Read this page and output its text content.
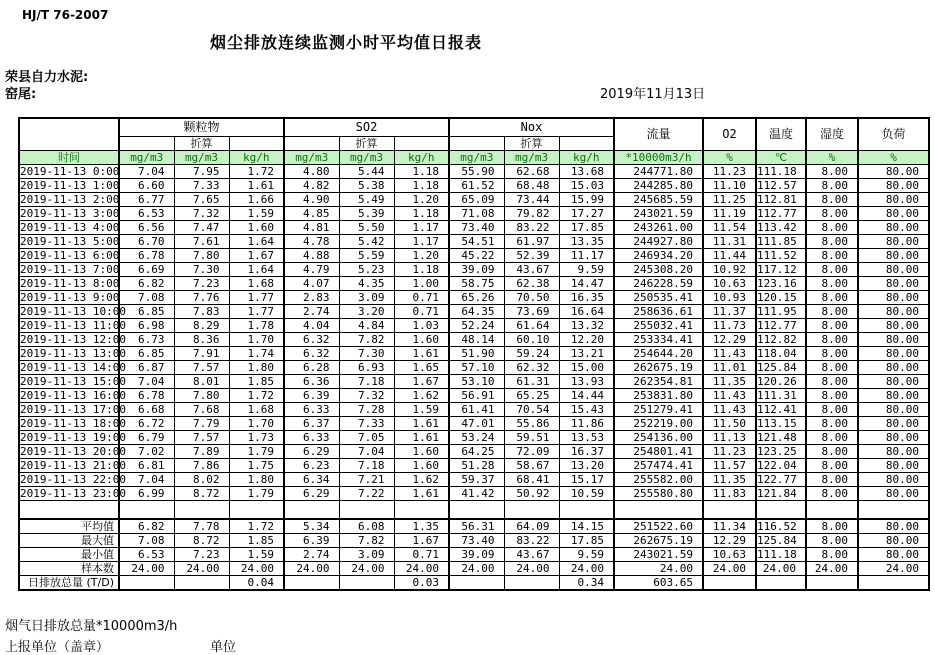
HJ/T 76-2007
烟尘排放连续监测小时平均值日报表
荣县自力水泥:
窑尾:	2019年11月13日
	颗粒物			SO2			Nox			流量	O2	温度	湿度	负荷
		折算			折算			折算						
时间	mg/m3	mg/m3	kg/h	mg/m3	mg/m3	kg/h	mg/m3	mg/m3	kg/h	*10000m3/h	%	℃	%	%
2019-11-13 0:00	7.04	7.95	1.72	4.80	5.44	1.18	55.90	62.68	13.68	244771.80	11.23	111.18	8.00	80.00
2019-11-13 1:00	6.60	7.33	1.61	4.82	5.38	1.18	61.52	68.48	15.03	244285.80	11.10	112.57	8.00	80.00
2019-11-13 2:00	6.77	7.65	1.66	4.90	5.49	1.20	65.09	73.44	15.99	245685.59	11.25	112.81	8.00	80.00
2019-11-13 3:00	6.53	7.32	1.59	4.85	5.39	1.18	71.08	79.82	17.27	243021.59	11.19	112.77	8.00	80.00
2019-11-13 4:00	6.56	7.47	1.60	4.81	5.50	1.17	73.40	83.22	17.85	243261.00	11.54	113.42	8.00	80.00
2019-11-13 5:00	6.70	7.61	1.64	4.78	5.42	1.17	54.51	61.97	13.35	244927.80	11.31	111.85	8.00	80.00
2019-11-13 6:00	6.78	7.80	1.67	4.88	5.59	1.20	45.22	52.39	11.17	246934.20	11.44	111.52	8.00	80.00
2019-11-13 7:00	6.69	7.30	1.64	4.79	5.23	1.18	39.09	43.67	9.59	245308.20	10.92	117.12	8.00	80.00
2019-11-13 8:00	6.82	7.23	1.68	4.07	4.35	1.00	58.75	62.38	14.47	246228.59	10.63	123.16	8.00	80.00
2019-11-13 9:00	7.08	7.76	1.77	2.83	3.09	0.71	65.26	70.50	16.35	250535.41	10.93	120.15	8.00	80.00
2019-11-13 10:00	6.85	7.83	1.77	2.74	3.20	0.71	64.35	73.69	16.64	258636.61	11.37	111.95	8.00	80.00
2019-11-13 11:00	6.98	8.29	1.78	4.04	4.84	1.03	52.24	61.64	13.32	255032.41	11.73	112.77	8.00	80.00
2019-11-13 12:00	6.73	8.36	1.70	6.32	7.82	1.60	48.14	60.10	12.20	253334.41	12.29	112.82	8.00	80.00
2019-11-13 13:00	6.85	7.91	1.74	6.32	7.30	1.61	51.90	59.24	13.21	254644.20	11.43	118.04	8.00	80.00
2019-11-13 14:00	6.87	7.57	1.80	6.28	6.93	1.65	57.10	62.32	15.00	262675.19	11.01	125.84	8.00	80.00
2019-11-13 15:00	7.04	8.01	1.85	6.36	7.18	1.67	53.10	61.31	13.93	262354.81	11.35	120.26	8.00	80.00
2019-11-13 16:00	6.78	7.80	1.72	6.39	7.32	1.62	56.91	65.25	14.44	253831.80	11.43	111.31	8.00	80.00
2019-11-13 17:00	6.68	7.68	1.68	6.33	7.28	1.59	61.41	70.54	15.43	251279.41	11.43	112.41	8.00	80.00
2019-11-13 18:00	6.72	7.79	1.70	6.37	7.33	1.61	47.01	55.86	11.86	252219.00	11.50	113.15	8.00	80.00
2019-11-13 19:00	6.79	7.57	1.73	6.33	7.05	1.61	53.24	59.51	13.53	254136.00	11.13	121.48	8.00	80.00
2019-11-13 20:00	7.02	7.89	1.79	6.29	7.04	1.60	64.25	72.09	16.37	254801.41	11.23	123.25	8.00	80.00
2019-11-13 21:00	6.81	7.86	1.75	6.23	7.18	1.60	51.28	58.67	13.20	257474.41	11.57	122.04	8.00	80.00
2019-11-13 22:00	7.04	8.02	1.80	6.34	7.21	1.62	59.37	68.41	15.17	255582.00	11.35	122.77	8.00	80.00
2019-11-13 23:00	6.99	8.72	1.79	6.29	7.22	1.61	41.42	50.92	10.59	255580.80	11.83	121.84	8.00	80.00

平均值	6.82	7.78	1.72	5.34	6.08	1.35	56.31	64.09	14.15	251522.60	11.34	116.52	8.00	80.00

最大值	7.08	8.72	1.85	6.39	7.82	1.67	73.40	83.22	17.85	262675.19	12.29	125.84	8.00	80.00

最小值	6.53	7.23	1.59	2.74	3.09	0.71	39.09	43.67	9.59	243021.59	10.63	111.18	8.00	80.00

样本数	24.00	24.00	24.00	24.00	24.00	24.00	24.00	24.00	24.00	24.00	24.00	24.00	24.00	24.00

日排放总量 (T/D)			0.04			0.03			0.34	603.65				
烟气日排放总量*10000m3/h
上报单位（盖章）	单位
